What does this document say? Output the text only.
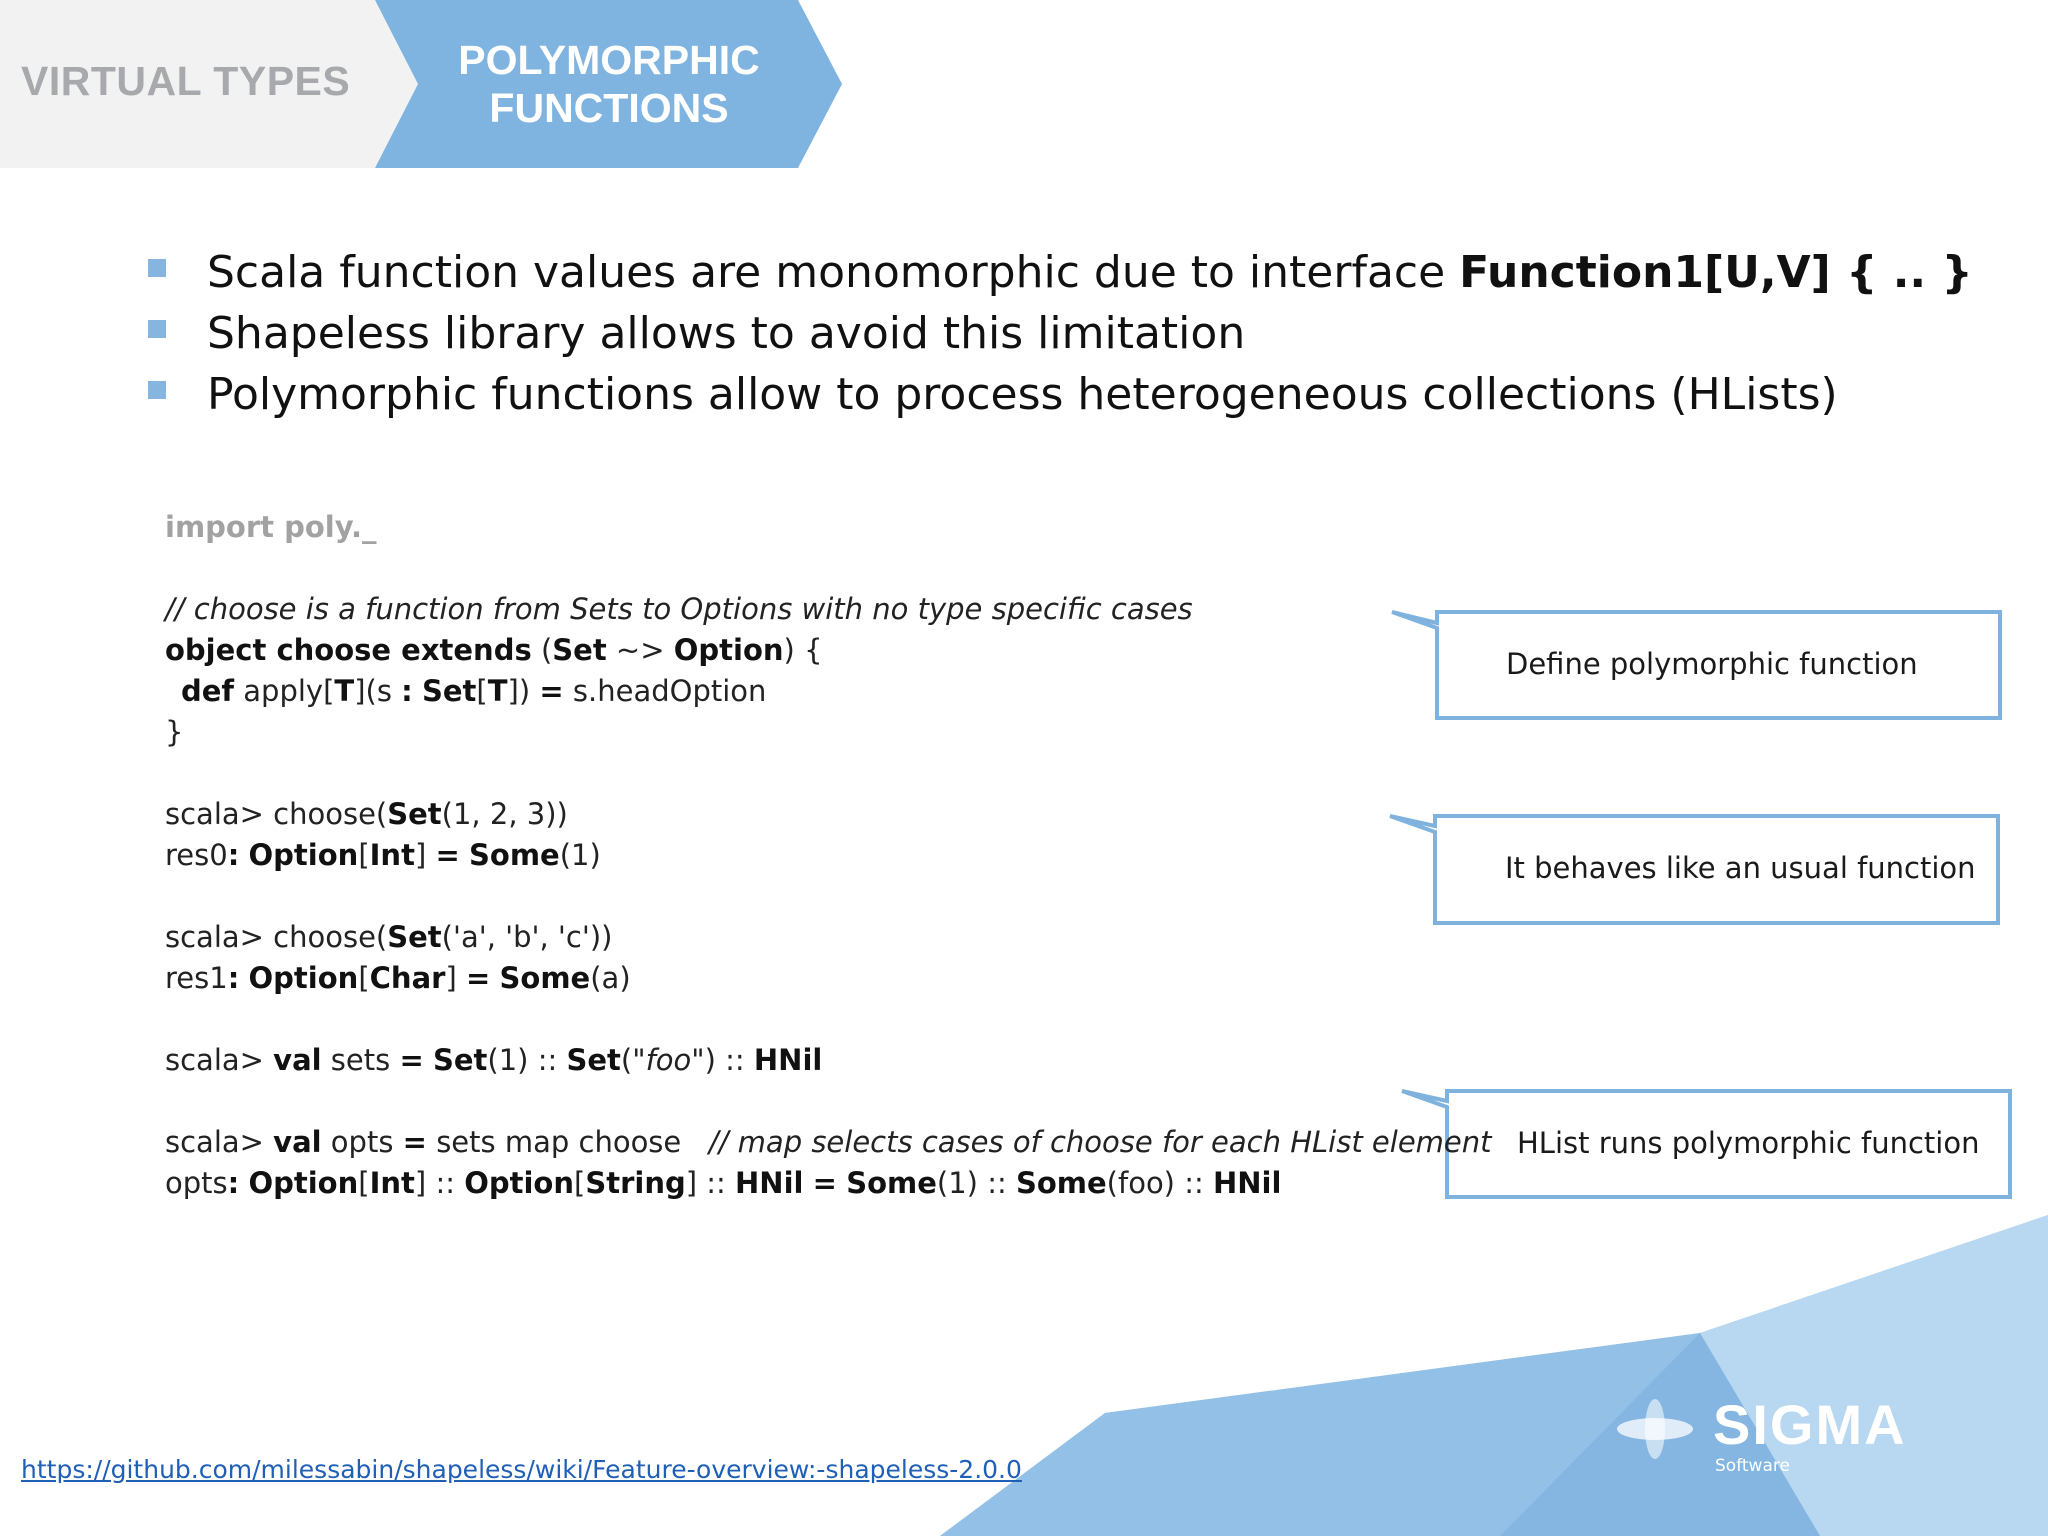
VIRTUAL TYPES	POLYMORPHIC
FUNCTIONS
Scala function values are monomorphic due to interface Function1[U,V] { .. }
Shapeless library allows to avoid this limitation
Polymorphic functions allow to process heterogeneous collections (HLists)
import poly._
// choose is a function from Sets to Options with no type specific cases
object choose extends (Set ~> Option) {
def apply[T](s : Set[T]) = s.headOption
}
scala> choose(Set(1, 2, 3))
res0: Option[Int] = Some(1)
scala> choose(Set('a', 'b', 'c'))
res1: Option[Char] = Some(a)
scala> val sets = Set(1) :: Set("foo") :: HNil
scala> val opts = sets map choose   // map selects cases of choose for each HList element
opts: Option[Int] :: Option[String] :: HNil = Some(1) :: Some(foo) :: HNil
Define polymorphic function
It behaves like an usual function
HList runs polymorphic function
https://github.com/milessabin/shapeless/wiki/Feature-overview:-shapeless-2.0.0
SIGMA
Software
